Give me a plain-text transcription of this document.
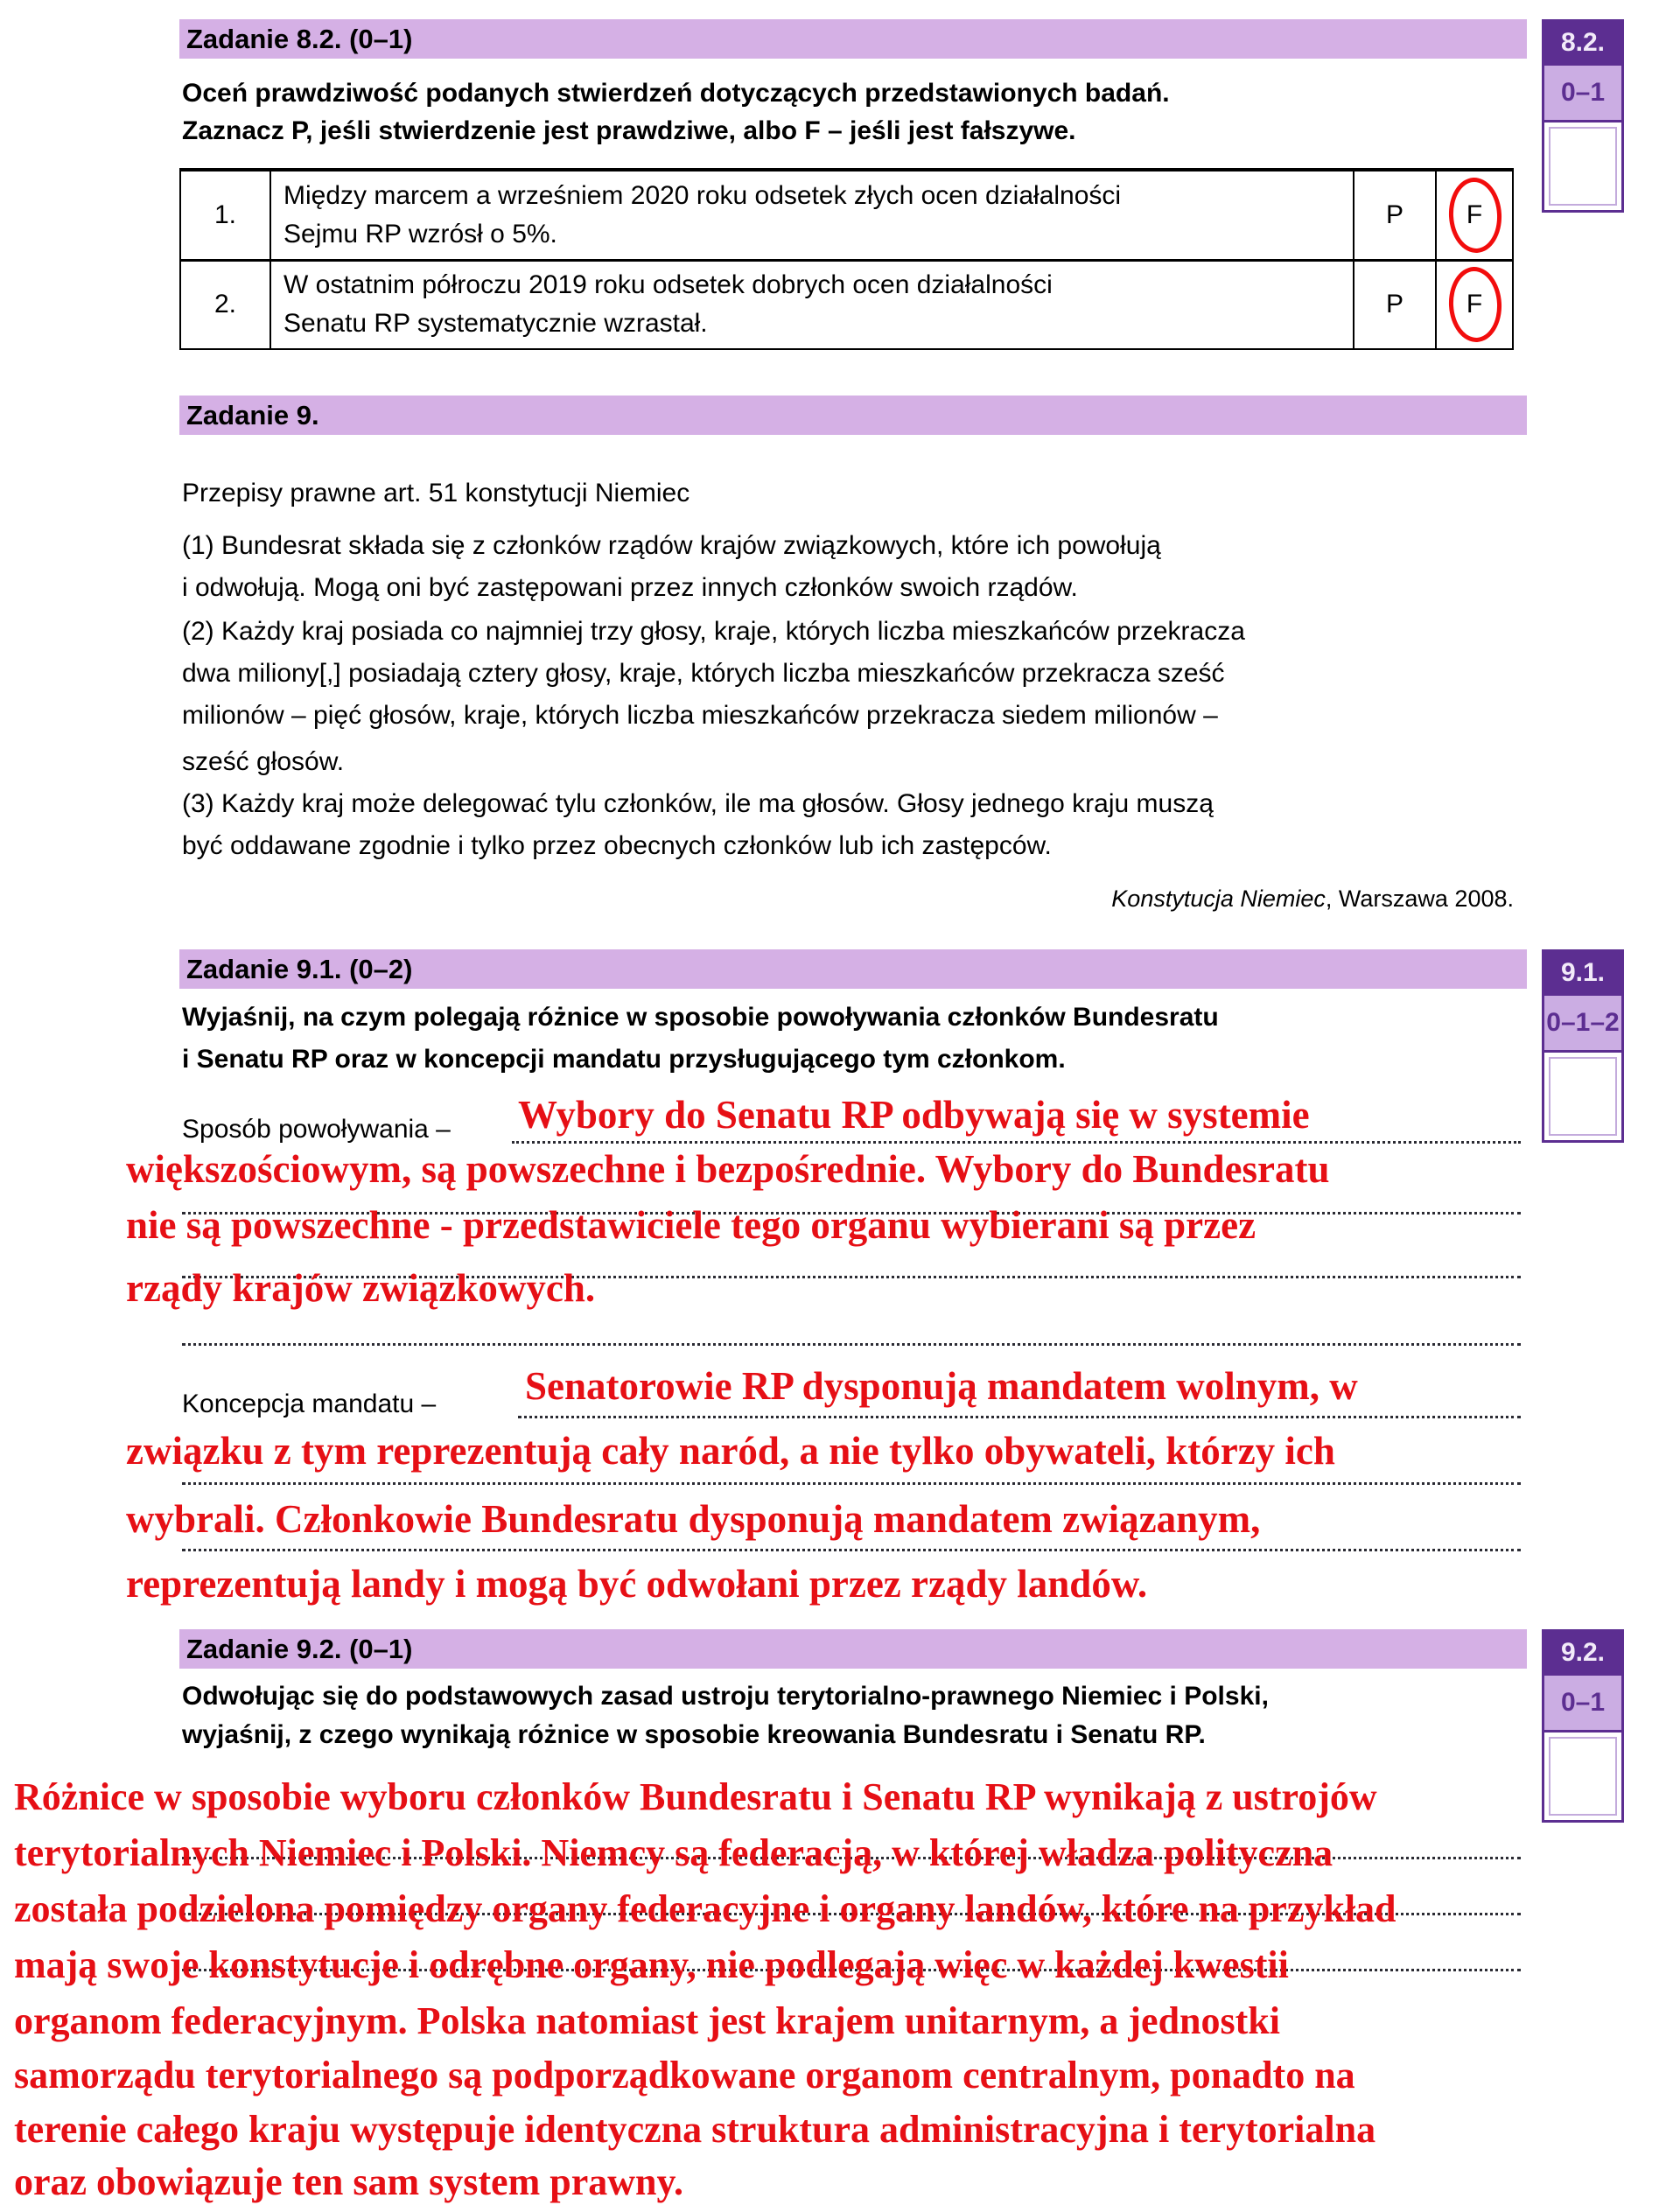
Zadanie 8.2. (0–1)
Oceń prawdziwość podanych stwierdzeń dotyczących przedstawionych badań.
Zaznacz P, jeśli stwierdzenie jest prawdziwe, albo F – jeśli jest fałszywe.
1.
Między marcem a wrześniem 2020 roku odsetek złych ocen działalności
Sejmu RP wzrósł o 5%.
P	F
2.
W ostatnim półroczu 2019 roku odsetek dobrych ocen działalności
Senatu RP systematycznie wzrastał.
P	F
8.2.
0–1
Zadanie 9.
Przepisy prawne art. 51 konstytucji Niemiec
(1) Bundesrat składa się z członków rządów krajów związkowych, które ich powołują
i odwołują. Mogą oni być zastępowani przez innych członków swoich rządów.
(2) Każdy kraj posiada co najmniej trzy głosy, kraje, których liczba mieszkańców przekracza
dwa miliony[,] posiadają cztery głosy, kraje, których liczba mieszkańców przekracza sześć
milionów – pięć głosów, kraje, których liczba mieszkańców przekracza siedem milionów –
sześć głosów.
(3) Każdy kraj może delegować tylu członków, ile ma głosów. Głosy jednego kraju muszą
być oddawane zgodnie i tylko przez obecnych członków lub ich zastępców.
Konstytucja Niemiec, Warszawa 2008.
Zadanie 9.1. (0–2)
Wyjaśnij, na czym polegają różnice w sposobie powoływania członków Bundesratu
i Senatu RP oraz w koncepcji mandatu przysługującego tym członkom.
9.1.
0–1–2
Sposób powoływania – Wybory do Senatu RP odbywają się w systemie
większościowym, są powszechne i bezpośrednie. Wybory do Bundesratu
nie są powszechne - przedstawiciele tego organu wybierani są przez
rządy krajów związkowych.
Koncepcja mandatu – Senatorowie RP dysponują mandatem wolnym, w
związku z tym reprezentują cały naród, a nie tylko obywateli, którzy ich
wybrali. Członkowie Bundesratu dysponują mandatem związanym,
reprezentują landy i mogą być odwołani przez rządy landów.
Zadanie 9.2. (0–1)
Odwołując się do podstawowych zasad ustroju terytorialno-prawnego Niemiec i Polski,
wyjaśnij, z czego wynikają różnice w sposobie kreowania Bundesratu i Senatu RP.
9.2.
0–1
Różnice w sposobie wyboru członków Bundesratu i Senatu RP wynikają z ustrojów
terytorialnych Niemiec i Polski. Niemcy są federacją, w której władza polityczna
została podzielona pomiędzy organy federacyjne i organy landów, które na przykład
mają swoje konstytucje i odrębne organy, nie podlegają więc w każdej kwestii
organom federacyjnym. Polska natomiast jest krajem unitarnym, a jednostki
samorządu terytorialnego są podporządkowane organom centralnym, ponadto na
terenie całego kraju występuje identyczna struktura administracyjna i terytorialna
oraz obowiązuje ten sam system prawny.
